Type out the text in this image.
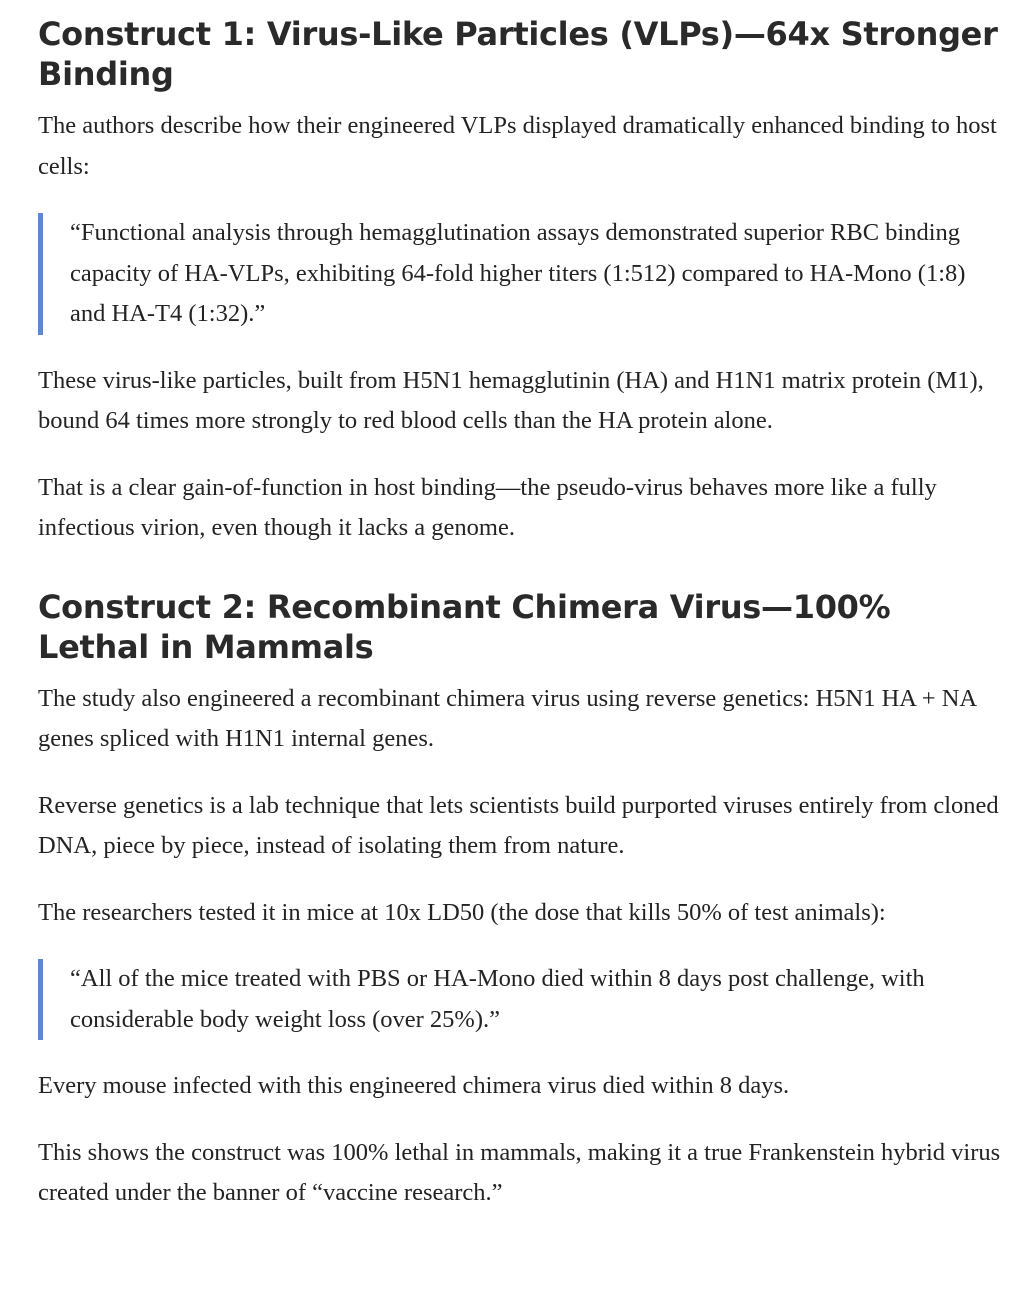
Construct 1: Virus-Like Particles (VLPs)—64x Stronger Binding

The authors describe how their engineered VLPs displayed dramatically enhanced binding to host cells:

“Functional analysis through hemagglutination assays demonstrated superior RBC binding capacity of HA-VLPs, exhibiting 64-fold higher titers (1:512) compared to HA-Mono (1:8) and HA-T4 (1:32).”

These virus-like particles, built from H5N1 hemagglutinin (HA) and H1N1 matrix protein (M1), bound 64 times more strongly to red blood cells than the HA protein alone.

That is a clear gain-of-function in host binding—the pseudo-virus behaves more like a fully infectious virion, even though it lacks a genome.

Construct 2: Recombinant Chimera Virus—100% Lethal in Mammals

The study also engineered a recombinant chimera virus using reverse genetics: H5N1 HA + NA genes spliced with H1N1 internal genes.

Reverse genetics is a lab technique that lets scientists build purported viruses entirely from cloned DNA, piece by piece, instead of isolating them from nature.

The researchers tested it in mice at 10x LD50 (the dose that kills 50% of test animals):

“All of the mice treated with PBS or HA-Mono died within 8 days post challenge, with considerable body weight loss (over 25%).”

Every mouse infected with this engineered chimera virus died within 8 days.

This shows the construct was 100% lethal in mammals, making it a true Frankenstein hybrid virus created under the banner of “vaccine research.”
